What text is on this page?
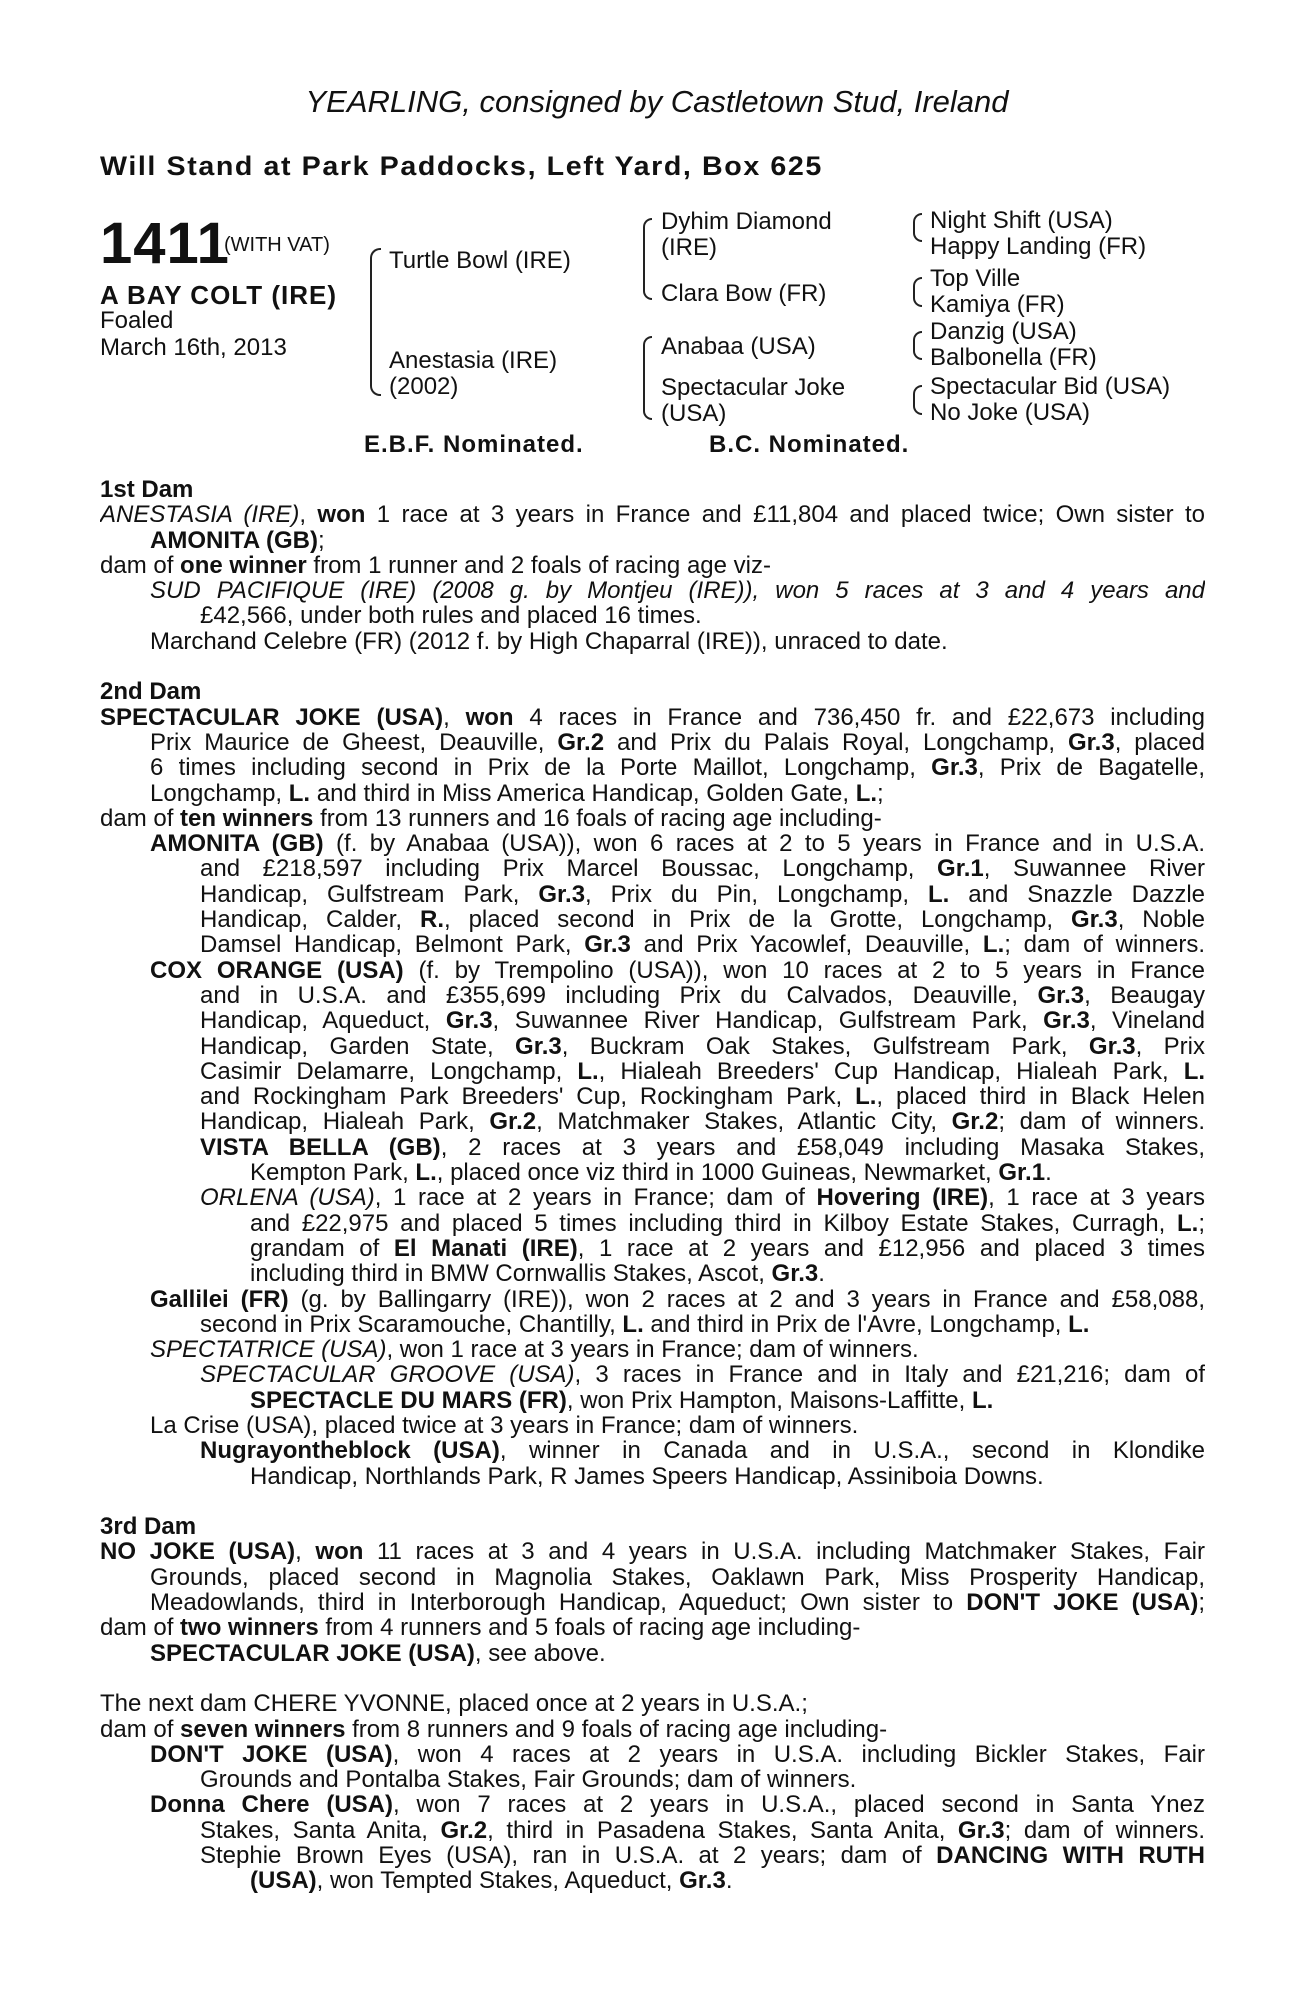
YEARLING, consigned by Castletown Stud, Ireland
Will Stand at Park Paddocks, Left Yard, Box 625
1411
(WITH VAT)
A BAY COLT (IRE)
Foaled
March 16th, 2013
Turtle Bowl (IRE)
Anestasia (IRE)
(2002)
Dyhim Diamond
(IRE)
Clara Bow (FR)
Anabaa (USA)
Spectacular Joke
(USA)
Night Shift (USA)
Happy Landing (FR)
Top Ville
Kamiya (FR)
Danzig (USA)
Balbonella (FR)
Spectacular Bid (USA)
No Joke (USA)
E.B.F. Nominated.	B.C. Nominated.
1st Dam
ANESTASIA (IRE), won 1 race at 3 years in France and £11,804 and placed twice; Own sister to
AMONITA (GB);
dam of one winner from 1 runner and 2 foals of racing age viz-
SUD PACIFIQUE (IRE) (2008 g. by Montjeu (IRE)), won 5 races at 3 and 4 years and
£42,566, under both rules and placed 16 times.
Marchand Celebre (FR) (2012 f. by High Chaparral (IRE)), unraced to date.
2nd Dam
SPECTACULAR JOKE (USA), won 4 races in France and 736,450 fr. and £22,673 including
Prix Maurice de Gheest, Deauville, Gr.2 and Prix du Palais Royal, Longchamp, Gr.3, placed
6 times including second in Prix de la Porte Maillot, Longchamp, Gr.3, Prix de Bagatelle,
Longchamp, L. and third in Miss America Handicap, Golden Gate, L.;
dam of ten winners from 13 runners and 16 foals of racing age including-
AMONITA (GB) (f. by Anabaa (USA)), won 6 races at 2 to 5 years in France and in U.S.A.
and £218,597 including Prix Marcel Boussac, Longchamp, Gr.1, Suwannee River
Handicap, Gulfstream Park, Gr.3, Prix du Pin, Longchamp, L. and Snazzle Dazzle
Handicap, Calder, R., placed second in Prix de la Grotte, Longchamp, Gr.3, Noble
Damsel Handicap, Belmont Park, Gr.3 and Prix Yacowlef, Deauville, L.; dam of winners.
COX ORANGE (USA) (f. by Trempolino (USA)), won 10 races at 2 to 5 years in France
and in U.S.A. and £355,699 including Prix du Calvados, Deauville, Gr.3, Beaugay
Handicap, Aqueduct, Gr.3, Suwannee River Handicap, Gulfstream Park, Gr.3, Vineland
Handicap, Garden State, Gr.3, Buckram Oak Stakes, Gulfstream Park, Gr.3, Prix
Casimir Delamarre, Longchamp, L., Hialeah Breeders' Cup Handicap, Hialeah Park, L.
and Rockingham Park Breeders' Cup, Rockingham Park, L., placed third in Black Helen
Handicap, Hialeah Park, Gr.2, Matchmaker Stakes, Atlantic City, Gr.2; dam of winners.
VISTA BELLA (GB), 2 races at 3 years and £58,049 including Masaka Stakes,
Kempton Park, L., placed once viz third in 1000 Guineas, Newmarket, Gr.1.
ORLENA (USA), 1 race at 2 years in France; dam of Hovering (IRE), 1 race at 3 years
and £22,975 and placed 5 times including third in Kilboy Estate Stakes, Curragh, L.;
grandam of El Manati (IRE), 1 race at 2 years and £12,956 and placed 3 times
including third in BMW Cornwallis Stakes, Ascot, Gr.3.
Gallilei (FR) (g. by Ballingarry (IRE)), won 2 races at 2 and 3 years in France and £58,088,
second in Prix Scaramouche, Chantilly, L. and third in Prix de l'Avre, Longchamp, L.
SPECTATRICE (USA), won 1 race at 3 years in France; dam of winners.
SPECTACULAR GROOVE (USA), 3 races in France and in Italy and £21,216; dam of
SPECTACLE DU MARS (FR), won Prix Hampton, Maisons-Laffitte, L.
La Crise (USA), placed twice at 3 years in France; dam of winners.
Nugrayontheblock (USA), winner in Canada and in U.S.A., second in Klondike
Handicap, Northlands Park, R James Speers Handicap, Assiniboia Downs.
3rd Dam
NO JOKE (USA), won 11 races at 3 and 4 years in U.S.A. including Matchmaker Stakes, Fair
Grounds, placed second in Magnolia Stakes, Oaklawn Park, Miss Prosperity Handicap,
Meadowlands, third in Interborough Handicap, Aqueduct; Own sister to DON'T JOKE (USA);
dam of two winners from 4 runners and 5 foals of racing age including-
SPECTACULAR JOKE (USA), see above.
The next dam CHERE YVONNE, placed once at 2 years in U.S.A.;
dam of seven winners from 8 runners and 9 foals of racing age including-
DON'T JOKE (USA), won 4 races at 2 years in U.S.A. including Bickler Stakes, Fair
Grounds and Pontalba Stakes, Fair Grounds; dam of winners.
Donna Chere (USA), won 7 races at 2 years in U.S.A., placed second in Santa Ynez
Stakes, Santa Anita, Gr.2, third in Pasadena Stakes, Santa Anita, Gr.3; dam of winners.
Stephie Brown Eyes (USA), ran in U.S.A. at 2 years; dam of DANCING WITH RUTH
(USA), won Tempted Stakes, Aqueduct, Gr.3.
